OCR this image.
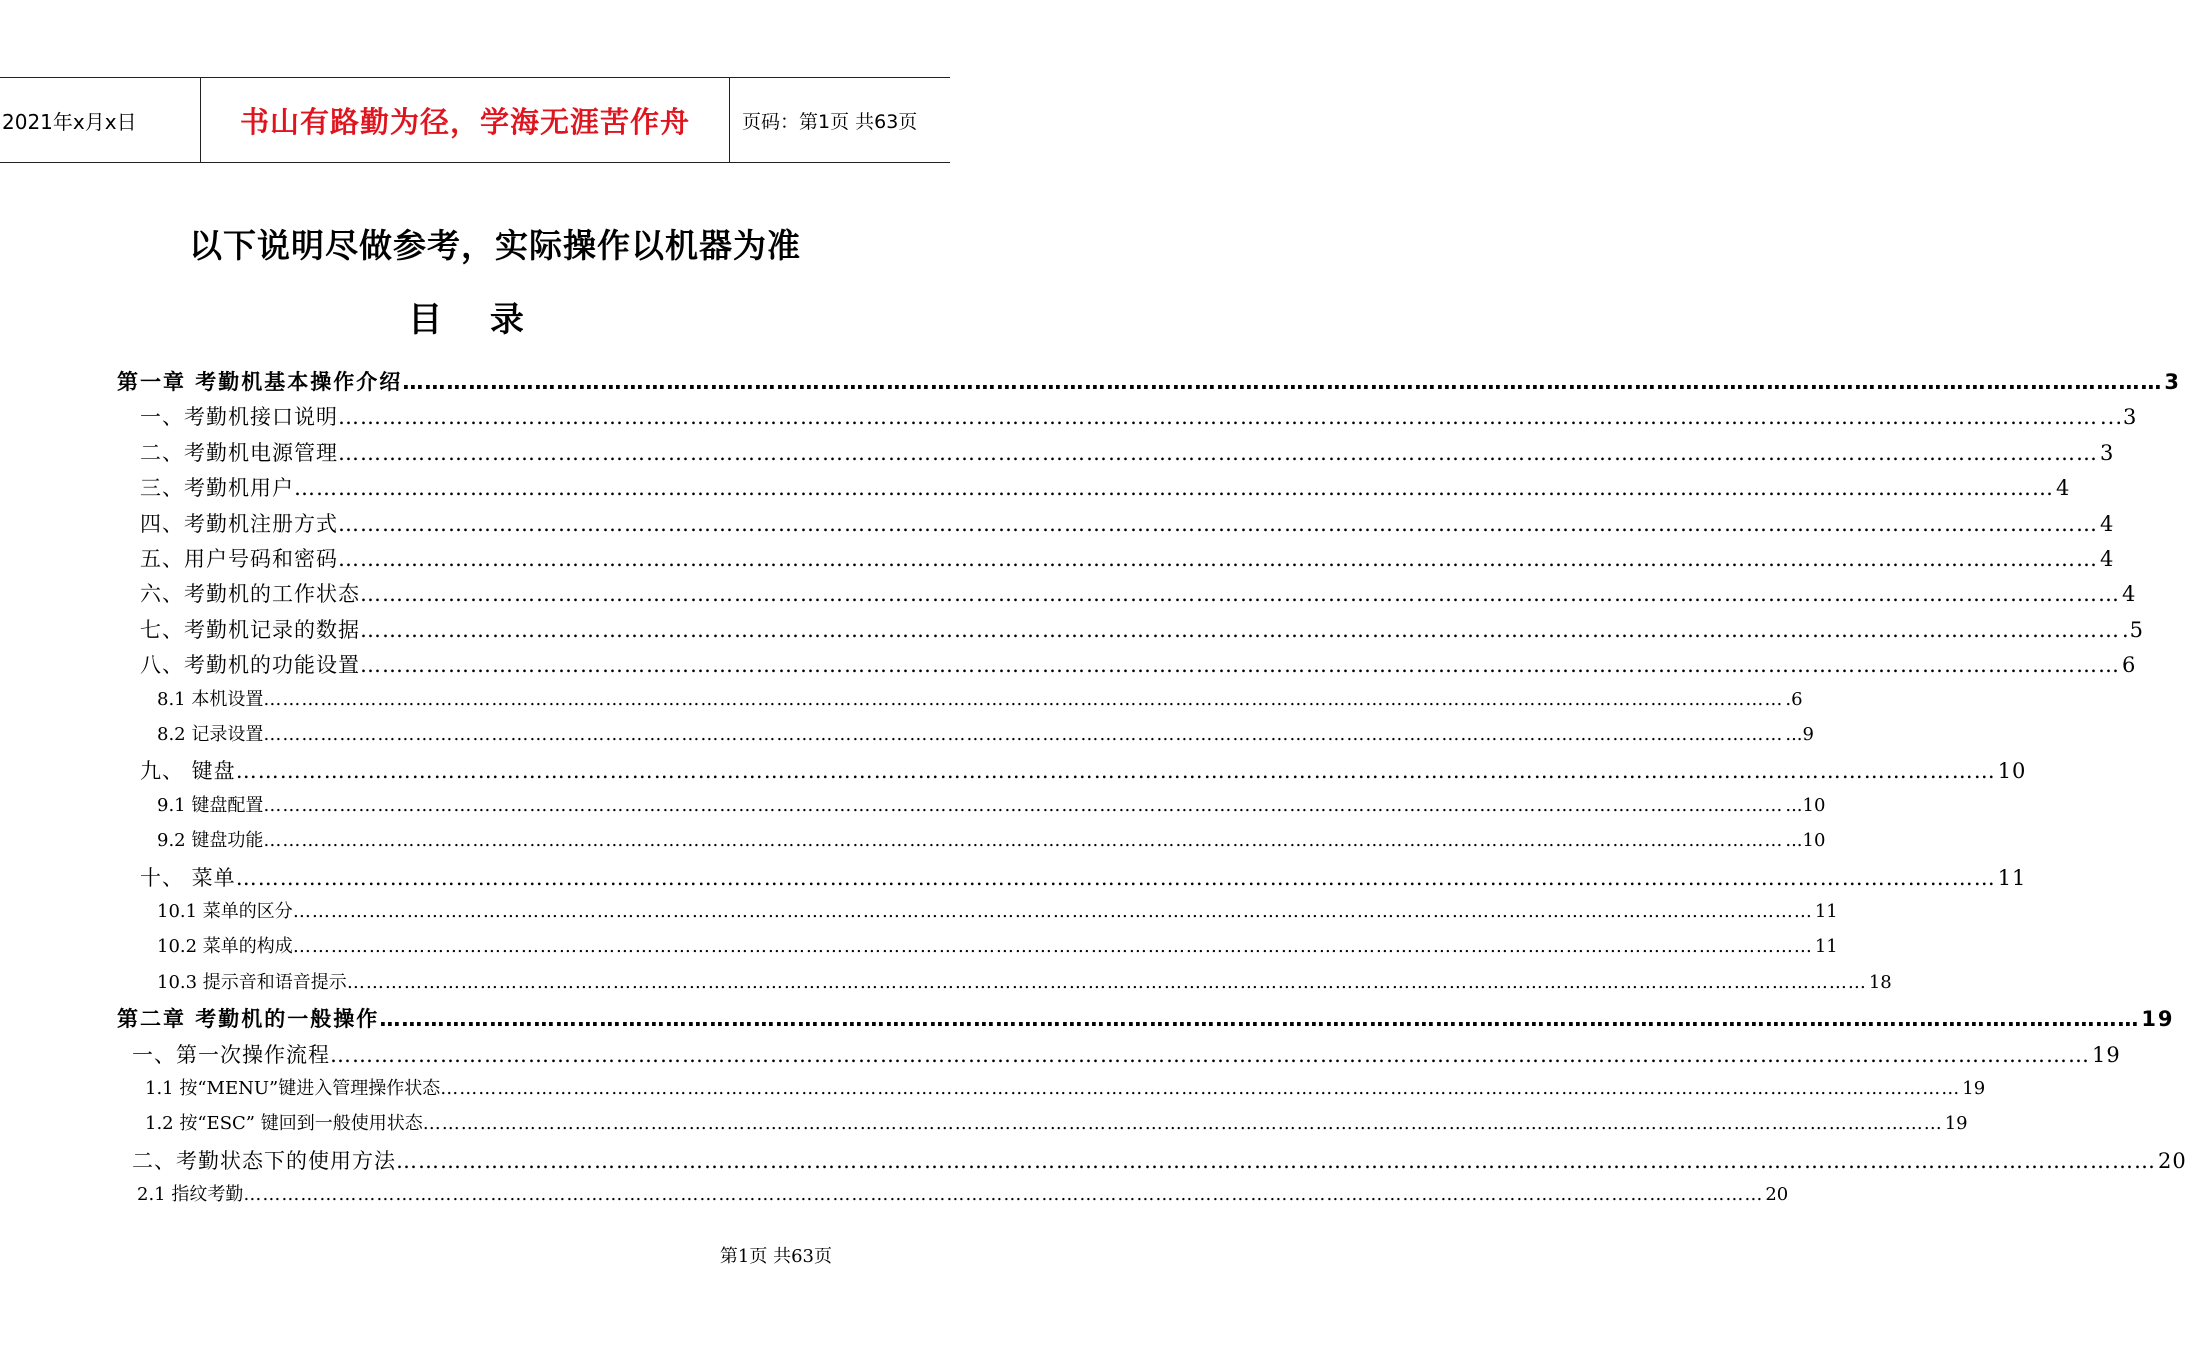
2021年x月x日	书山有路勤为径，学海无涯苦作舟	页码：第1页 共63页
以下说明尽做参考，实际操作以机器为准
目 录
第一章 考勤机基本操作介绍 …………………………………………………………………………………………………………………………………………………………………………………………………………………… 3
一、考勤机接口说明 …………………………………………………………………………………………………………………………………………………………………………………………………………………… ...3
二、考勤机电源管理 …………………………………………………………………………………………………………………………………………………………………………………………………………………… 3
三、考勤机用户 …………………………………………………………………………………………………………………………………………………………………………………………………………………… 4
四、考勤机注册方式 …………………………………………………………………………………………………………………………………………………………………………………………………………………… 4
五、用户号码和密码 …………………………………………………………………………………………………………………………………………………………………………………………………………………… 4
六、考勤机的工作状态 …………………………………………………………………………………………………………………………………………………………………………………………………………………… 4
七、考勤机记录的数据 …………………………………………………………………………………………………………………………………………………………………………………………………………………… .5
八、考勤机的功能设置 …………………………………………………………………………………………………………………………………………………………………………………………………………………… 6
8.1 本机设置 …………………………………………………………………………………………………………………………………………………………………………………………………………………… .6
8.2 记录设置 …………………………………………………………………………………………………………………………………………………………………………………………………………………… ...9
九、 键盘 …………………………………………………………………………………………………………………………………………………………………………………………………………………… 10
9.1 键盘配置 …………………………………………………………………………………………………………………………………………………………………………………………………………………… ...10
9.2 键盘功能 …………………………………………………………………………………………………………………………………………………………………………………………………………………… ...10
十、 菜单 …………………………………………………………………………………………………………………………………………………………………………………………………………………… 11
10.1 菜单的区分 …………………………………………………………………………………………………………………………………………………………………………………………………………………… 11
10.2 菜单的构成 …………………………………………………………………………………………………………………………………………………………………………………………………………………… 11
10.3 提示音和语音提示 …………………………………………………………………………………………………………………………………………………………………………………………………………………… 18
第二章 考勤机的一般操作 …………………………………………………………………………………………………………………………………………………………………………………………………………………… 19
一、第一次操作流程 …………………………………………………………………………………………………………………………………………………………………………………………………………………… 19
1.1 按“MENU”键进入管理操作状态 …………………………………………………………………………………………………………………………………………………………………………………………………………………… 19
1.2 按“ESC” 键回到一般使用状态 …………………………………………………………………………………………………………………………………………………………………………………………………………………… 19
二、考勤状态下的使用方法 …………………………………………………………………………………………………………………………………………………………………………………………………………………… 20
2.1 指纹考勤 …………………………………………………………………………………………………………………………………………………………………………………………………………………… 20
第1页 共63页
